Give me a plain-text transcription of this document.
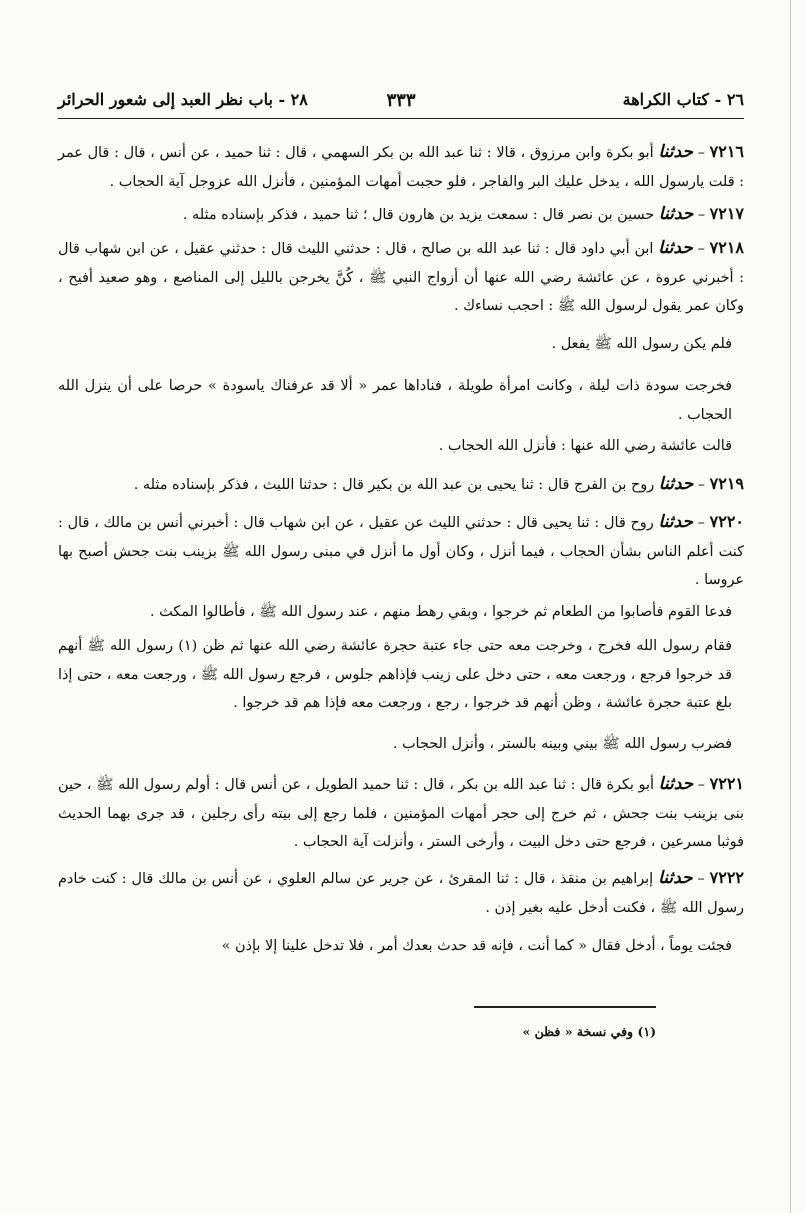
٢٦ - كتاب الكراهة
٣٣٣
٢٨ - باب نظر العبد إلى شعور الحرائر

٧٢١٦ – حدثنا أبو بكرة وابن مرزوق ، قالا : ثنا عبد الله بن بكر السهمي ، قال : ثنا حميد ، عن أنس ، قال : قال عمر : قلت يارسول الله ، يدخل عليك البر والفاجر ، فلو حجبت أمهات المؤمنين ، فأنزل الله عزوجل آية الحجاب .

٧٢١٧ – حدثنا حسين بن نصر قال : سمعت يزيد بن هارون قال ؛ ثنا حميد ، فذكر بإسناده مثله .

٧٢١٨ – حدثنا ابن أبي داود قال : ثنا عبد الله بن صالح ، قال : حدثني الليث قال : حدثني عقيل ، عن ابن شهاب قال : أخبرني عروة ، عن عائشة رضي الله عنها أن أزواج النبي ﷺ ، كُنَّ يخرجن بالليل إلى المناصع ، وهو صعيد أفيح ، وكان عمر يقول لرسول الله ﷺ : احجب نساءك .

فلم يكن رسول الله ﷺ يفعل .

فخرجت سودة ذات ليلة ، وكانت امرأة طويلة ، فناداها عمر « ألا قد عرفناك ياسودة » حرصا على أن ينزل الله الحجاب .

قالت عائشة رضي الله عنها : فأنزل الله الحجاب .

٧٢١٩ – حدثنا روح بن الفرج قال : ثنا يحيى بن عبد الله بن بكير قال : حدثنا الليث ، فذكر بإسناده مثله .

٧٢٢٠ – حدثنا روح قال : ثنا يحيى قال : حدثني الليث عن عقيل ، عن ابن شهاب قال : أخبرني أنس بن مالك ، قال : كنت أعلم الناس بشأن الحجاب ، فيما أنزل ، وكان أول ما أنزل في مبنى رسول الله ﷺ بزينب بنت جحش أصبح بها عروسا .

فدعا القوم فأصابوا من الطعام ثم خرجوا ، وبقي رهط منهم ، عند رسول الله ﷺ ، فأطالوا المكث .

فقام رسول الله فخرج ، وخرجت معه حتى جاء عتبة حجرة عائشة رضي الله عنها ثم ظن (١) رسول الله ﷺ أنهم قد خرجوا فرجع ، ورجعت معه ، حتى دخل على زينب فإذاهم جلوس ، فرجع رسول الله ﷺ ، ورجعت معه ، حتى إذا بلغ عتبة حجرة عائشة ، وظن أنهم قد خرجوا ، رجع ، ورجعت معه فإذا هم قد خرجوا .

فضرب رسول الله ﷺ بيني وبينه بالستر ، وأنزل الحجاب .

٧٢٢١ – حدثنا أبو بكرة قال : ثنا عبد الله بن بكر ، قال : ثنا حميد الطويل ، عن أنس قال : أولم رسول الله ﷺ ، حين بنى بزينب بنت جحش ، ثم خرج إلى حجر أمهات المؤمنين ، فلما رجع إلى بيته رأى رجلين ، قد جرى بهما الحديث فوثبا مسرعين ، فرجع حتى دخل البيت ، وأرخى الستر ، وأنزلت آية الحجاب .

٧٢٢٢ – حدثنا إبراهيم بن منقذ ، قال : ثنا المقرئ ، عن جرير عن سالم العلوي ، عن أنس بن مالك قال : كنت خادم رسول الله ﷺ ، فكنت أدخل عليه بغير إذن .

فجئت يوماً ، أدخل فقال « كما أنت ، فإنه قد حدث بعدك أمر ، فلا تدخل علينا إلا بإذن »

(١) وفي نسخة « فظن »
